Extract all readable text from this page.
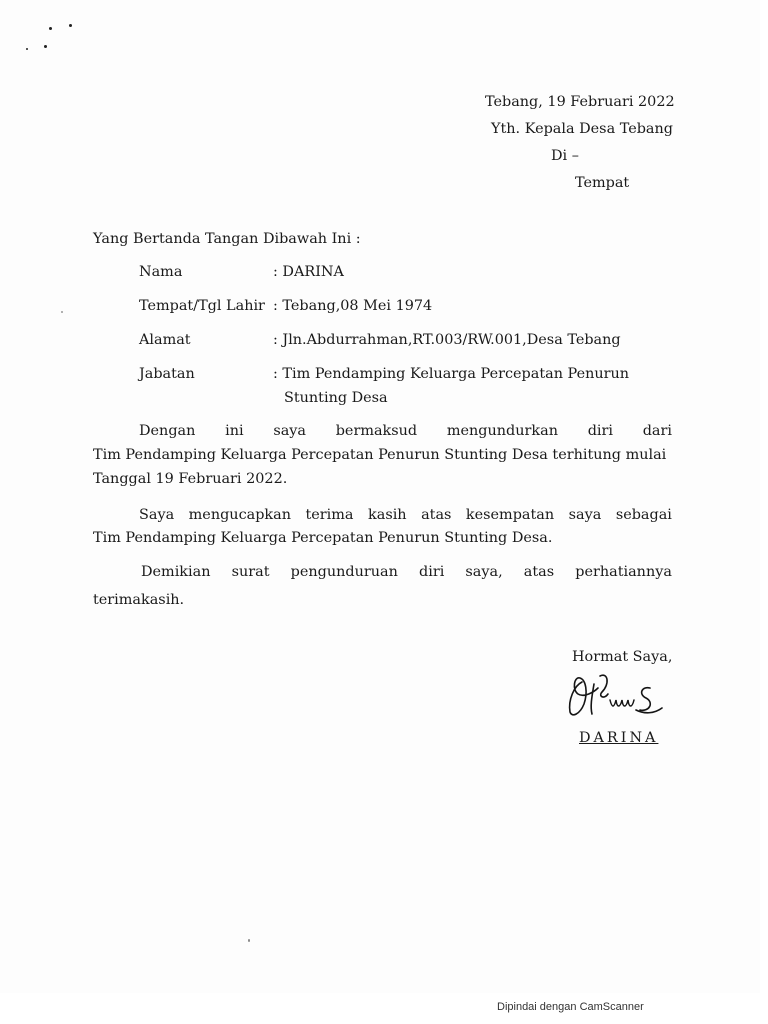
Tebang, 19 Februari 2022
Yth. Kepala Desa Tebang
Di –
Tempat
Yang Bertanda Tangan Dibawah Ini :
Nama	: DARINA
Tempat/Tgl Lahir : Tebang,08 Mei 1974
Alamat	: Jln.Abdurrahman,RT.003/RW.001,Desa Tebang
Jabatan	: Tim Pendamping Keluarga Percepatan Penurun
Stunting Desa
Dengan ini saya bermaksud mengundurkan diri dari
Tim Pendamping Keluarga Percepatan Penurun Stunting Desa terhitung mulai
Tanggal 19 Februari 2022.
Saya mengucapkan terima kasih atas kesempatan saya sebagai
Tim Pendamping Keluarga Percepatan Penurun Stunting Desa.
Demikian surat pengunduruan diri saya, atas perhatiannya
terimakasih.
Hormat Saya,
DARINA
Dipindai dengan CamScanner
